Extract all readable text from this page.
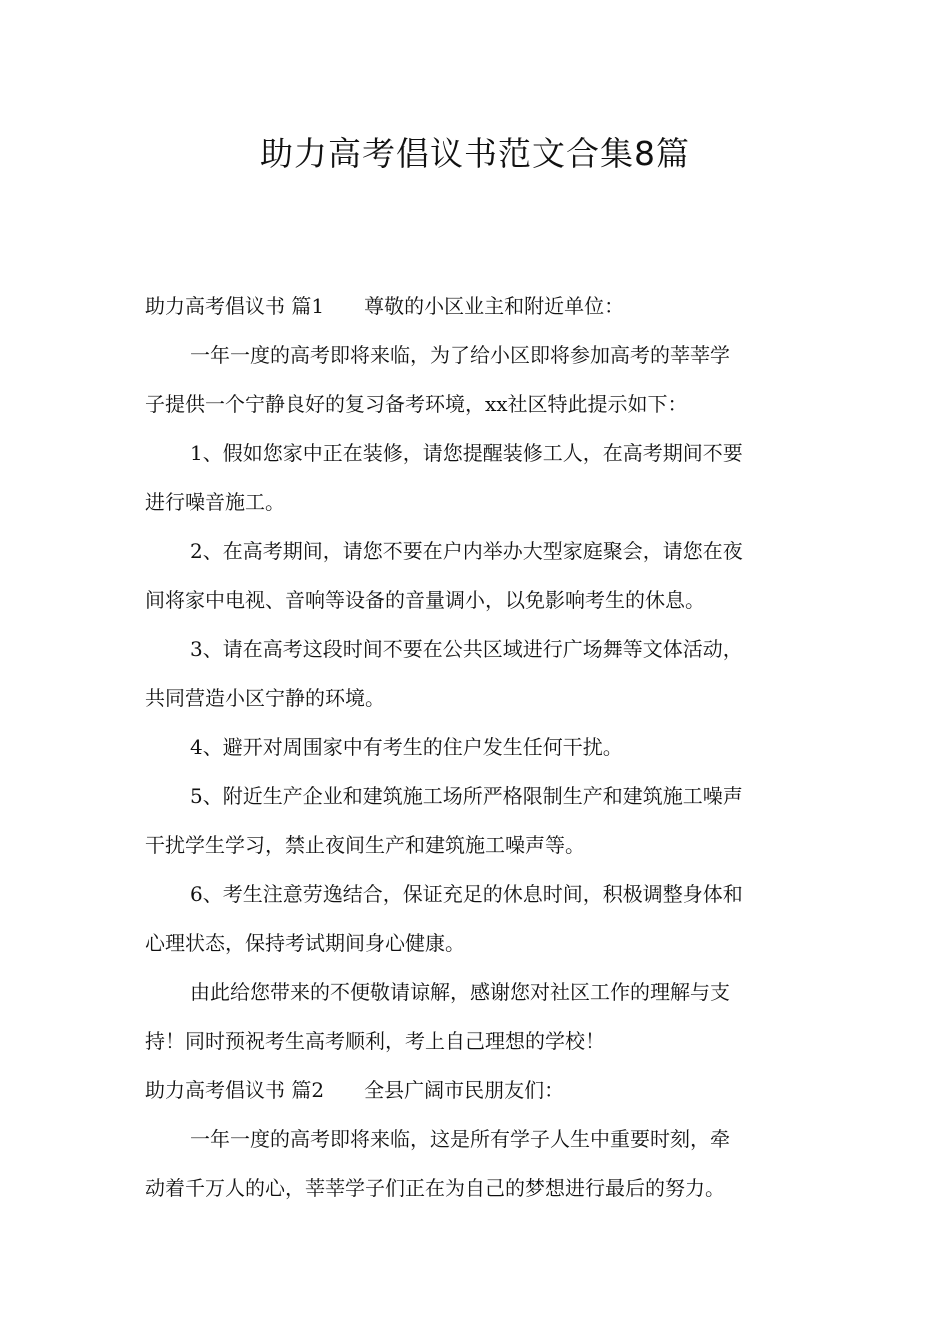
助力高考倡议书范文合集8篇
助力高考倡议书 篇1 尊敬的小区业主和附近单位：
一年一度的高考即将来临，为了给小区即将参加高考的莘莘学
子提供一个宁静良好的复习备考环境，xx社区特此提示如下：
1、假如您家中正在装修，请您提醒装修工人，在高考期间不要
进行噪音施工。
2、在高考期间，请您不要在户内举办大型家庭聚会，请您在夜
间将家中电视、音响等设备的音量调小，以免影响考生的休息。
3、请在高考这段时间不要在公共区域进行广场舞等文体活动，
共同营造小区宁静的环境。
4、避开对周围家中有考生的住户发生任何干扰。
5、附近生产企业和建筑施工场所严格限制生产和建筑施工噪声
干扰学生学习，禁止夜间生产和建筑施工噪声等。
6、考生注意劳逸结合，保证充足的休息时间，积极调整身体和
心理状态，保持考试期间身心健康。
由此给您带来的不便敬请谅解，感谢您对社区工作的理解与支
持！同时预祝考生高考顺利，考上自己理想的学校！
助力高考倡议书 篇2 全县广阔市民朋友们：
一年一度的高考即将来临，这是所有学子人生中重要时刻，牵
动着千万人的心，莘莘学子们正在为自己的梦想进行最后的努力。
